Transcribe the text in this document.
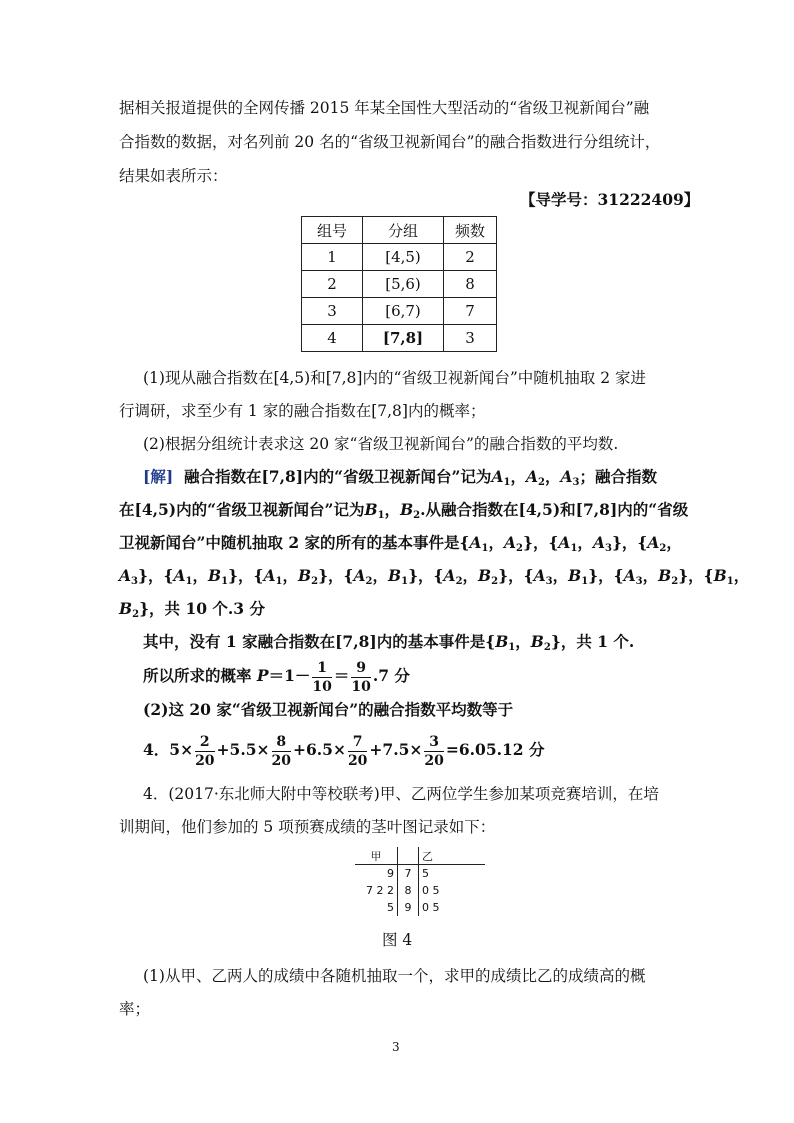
据相关报道提供的全网传播 2015 年某全国性大型活动的“省级卫视新闻台”融
合指数的数据，对名列前 20 名的“省级卫视新闻台”的融合指数进行分组统计，
结果如表所示：
【导学号：31222409】
组号	分组	频数
1	[4,5)	2
2	[5,6)	8
3	[6,7)	7
4	[7,8]	3
(1)现从融合指数在[4,5)和[7,8]内的“省级卫视新闻台”中随机抽取 2 家进
行调研，求至少有 1 家的融合指数在[7,8]内的概率；
(2)根据分组统计表求这 20 家“省级卫视新闻台”的融合指数的平均数.
[解] 融合指数在[7,8]内的“省级卫视新闻台”记为$A_1$，$A_2$，$A_3$；融合指数
在[4,5)内的“省级卫视新闻台”记为$B_1$，$B_2$.从融合指数在[4,5)和[7,8]内的“省级
卫视新闻台”中随机抽取 2 家的所有的基本事件是{$A_1$，$A_2$}，{$A_1$，$A_3$}，{$A_2$，
$A_3$}，{$A_1$，$B_1$}，{$A_1$，$B_2$}，{$A_2$，$B_1$}，{$A_2$，$B_2$}，{$A_3$，$B_1$}，{$A_3$，$B_2$}，{$B_1$，
$B_2$}，共 10 个.3 分
其中，没有 1 家融合指数在[7,8]内的基本事件是{$B_1$，$B_2$}，共 1 个.
所以所求的概率 $P=1- \frac{1}{10} = \frac{9}{10} .7$ 分
(2)这 20 家“省级卫视新闻台”的融合指数平均数等于
4．$5\times \frac{2}{20} +5.5\times \frac{8}{20} +6.5\times \frac{7}{20} +7.5\times \frac{3}{20} =6.05.12$ 分
4．(2017·东北师大附中等校联考)甲、乙两位学生参加某项竞赛培训，在培
训期间，他们参加的 5 项预赛成绩的茎叶图记录如下：
甲		乙
9	7	5
7 2 2	8	0 5
5	9	0 5
图 4
(1)从甲、乙两人的成绩中各随机抽取一个，求甲的成绩比乙的成绩高的概
率；
3
